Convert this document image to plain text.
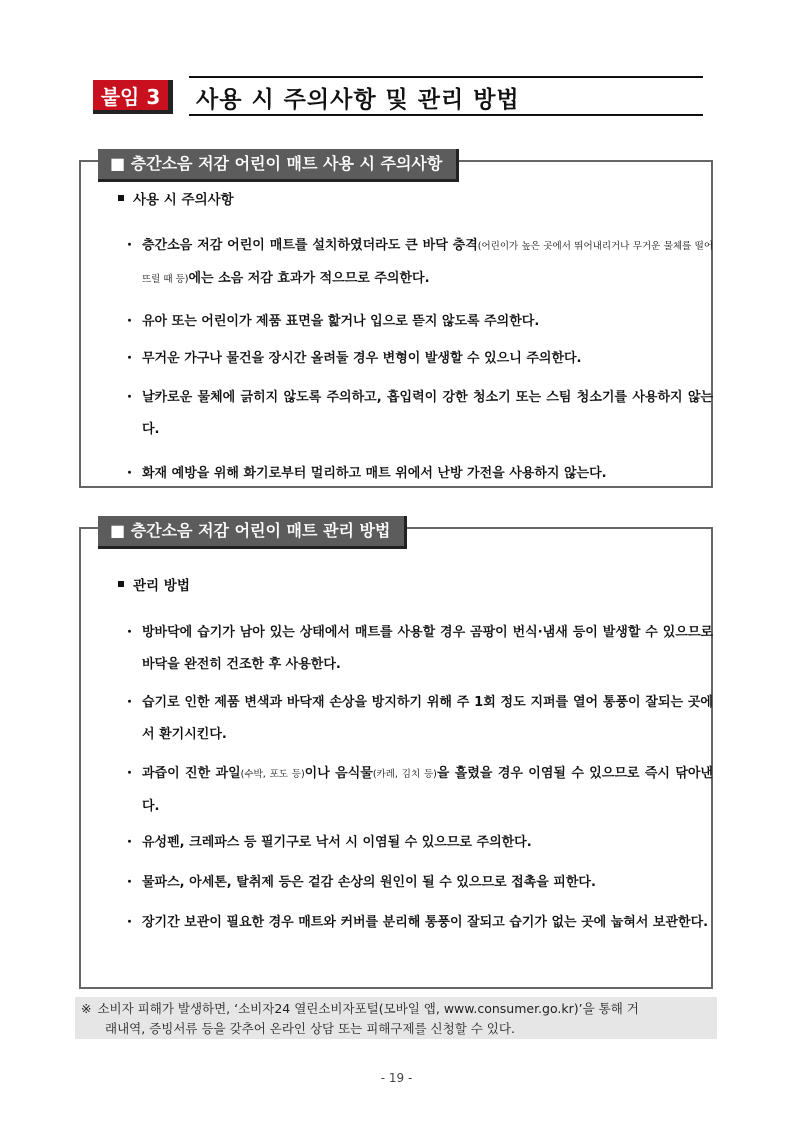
붙임 3	사용 시 주의사항 및 관리 방법
■ 층간소음 저감 어린이 매트 사용 시 주의사항
사용 시 주의사항
・ 층간소음 저감 어린이 매트를 설치하였더라도 큰 바닥 충격(어린이가 높은 곳에서 뛰어내리거나 무거운 물체를 떨어뜨릴 때 등)에는 소음 저감 효과가 적으므로 주의한다.
・ 유아 또는 어린이가 제품 표면을 핥거나 입으로 뜯지 않도록 주의한다.
・ 무거운 가구나 물건을 장시간 올려둘 경우 변형이 발생할 수 있으니 주의한다.
・ 날카로운 물체에 긁히지 않도록 주의하고, 흡입력이 강한 청소기 또는 스팀 청소기를 사용하지 않는다.
・ 화재 예방을 위해 화기로부터 멀리하고 매트 위에서 난방 가전을 사용하지 않는다.
■ 층간소음 저감 어린이 매트 관리 방법
관리 방법
・ 방바닥에 습기가 남아 있는 상태에서 매트를 사용할 경우 곰팡이 번식·냄새 등이 발생할 수 있으므로 바닥을 완전히 건조한 후 사용한다.
・ 습기로 인한 제품 변색과 바닥재 손상을 방지하기 위해 주 1회 정도 지퍼를 열어 통풍이 잘되는 곳에서 환기시킨다.
・ 과즙이 진한 과일(수박, 포도 등)이나 음식물(카레, 김치 등)을 흘렸을 경우 이염될 수 있으므로 즉시 닦아낸다.
・ 유성펜, 크레파스 등 필기구로 낙서 시 이염될 수 있으므로 주의한다.
・ 물파스, 아세톤, 탈취제 등은 겉감 손상의 원인이 될 수 있으므로 접촉을 피한다.
・ 장기간 보관이 필요한 경우 매트와 커버를 분리해 통풍이 잘되고 습기가 없는 곳에 눕혀서 보관한다.
※ 소비자 피해가 발생하면, ‘소비자24 열린소비자포털(모바일 앱, www.consumer.go.kr)’을 통해 거
래내역, 증빙서류 등을 갖추어 온라인 상담 또는 피해구제를 신청할 수 있다.
- 19 -
